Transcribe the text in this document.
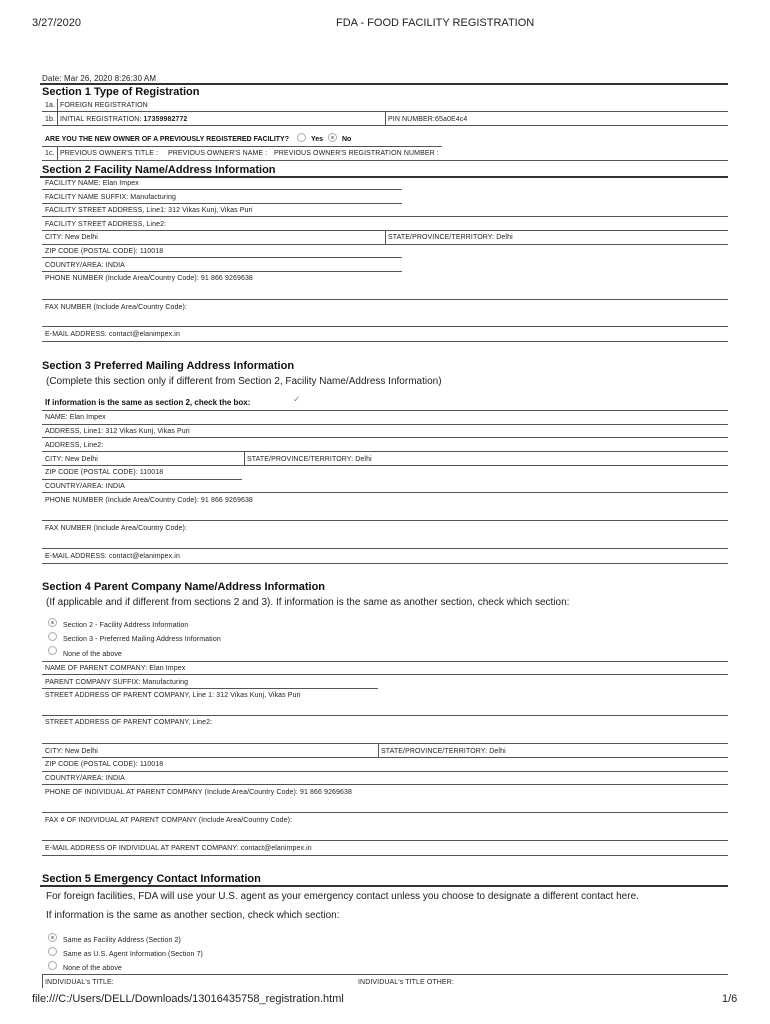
3/27/2020	FDA - FOOD FACILITY REGISTRATION
Date: Mar 26, 2020 8:26:30 AM
Section 1 Type of Registration
1a. FOREIGN REGISTRATION
1b. INITIAL REGISTRATION: 17359982772	PIN NUMBER:65a0E4c4
ARE YOU THE NEW OWNER OF A PREVIOUSLY REGISTERED FACILITY?	Yes	No
1c. PREVIOUS OWNER'S TITLE : PREVIOUS OWNER'S NAME : PREVIOUS OWNER'S REGISTRATION NUMBER :
Section 2 Facility Name/Address Information
FACILITY NAME: Elan Impex
FACILITY NAME SUFFIX: Manufacturing
FACILITY STREET ADDRESS, Line1: 312 Vikas Kunj, Vikas Puri
FACILITY STREET ADDRESS, Line2:
CITY: New Delhi	STATE/PROVINCE/TERRITORY: Delhi
ZIP CODE (POSTAL CODE): 110018
COUNTRY/AREA: INDIA
PHONE NUMBER (Include Area/Country Code): 91 866 9269638
FAX NUMBER (Include Area/Country Code):
E-MAIL ADDRESS: contact@elanimpex.in
Section 3 Preferred Mailing Address Information
(Complete this section only if different from Section 2, Facility Name/Address Information)
If information is the same as section 2, check the box:	✓
NAME: Elan Impex
ADDRESS, Line1: 312 Vikas Kunj, Vikas Puri
ADDRESS, Line2:
CITY: New Delhi	STATE/PROVINCE/TERRITORY: Delhi
ZIP CODE (POSTAL CODE): 110018
COUNTRY/AREA: INDIA
PHONE NUMBER (Include Area/Country Code): 91 866 9269638
FAX NUMBER (Include Area/Country Code):
E-MAIL ADDRESS: contact@elanimpex.in
Section 4 Parent Company Name/Address Information
(If applicable and if different from sections 2 and 3). If information is the same as another section, check which section:
Section 2 - Facility Address Information
Section 3 - Preferred Mailing Address Information
None of the above
NAME OF PARENT COMPANY: Elan Impex
PARENT COMPANY SUFFIX: Manufacturing
STREET ADDRESS OF PARENT COMPANY, Line 1: 312 Vikas Kunj, Vikas Puri
STREET ADDRESS OF PARENT COMPANY, Line2:
CITY: New Delhi	STATE/PROVINCE/TERRITORY: Delhi
ZIP CODE (POSTAL CODE): 110018
COUNTRY/AREA: INDIA
PHONE OF INDIVIDUAL AT PARENT COMPANY (Include Area/Country Code): 91 866 9269638
FAX # OF INDIVIDUAL AT PARENT COMPANY (Include Area/Country Code):
E-MAIL ADDRESS OF INDIVIDUAL AT PARENT COMPANY: contact@elanimpex.in
Section 5 Emergency Contact Information
For foreign facilities, FDA will use your U.S. agent as your emergency contact unless you choose to designate a different contact here.
If information is the same as another section, check which section:
Same as Facility Address (Section 2)
Same as U.S. Agent Information (Section 7)
None of the above
INDIVIDUAL's TITLE:	INDIVIDUAL's TITLE OTHER:
file:///C:/Users/DELL/Downloads/13016435758_registration.html	1/6
